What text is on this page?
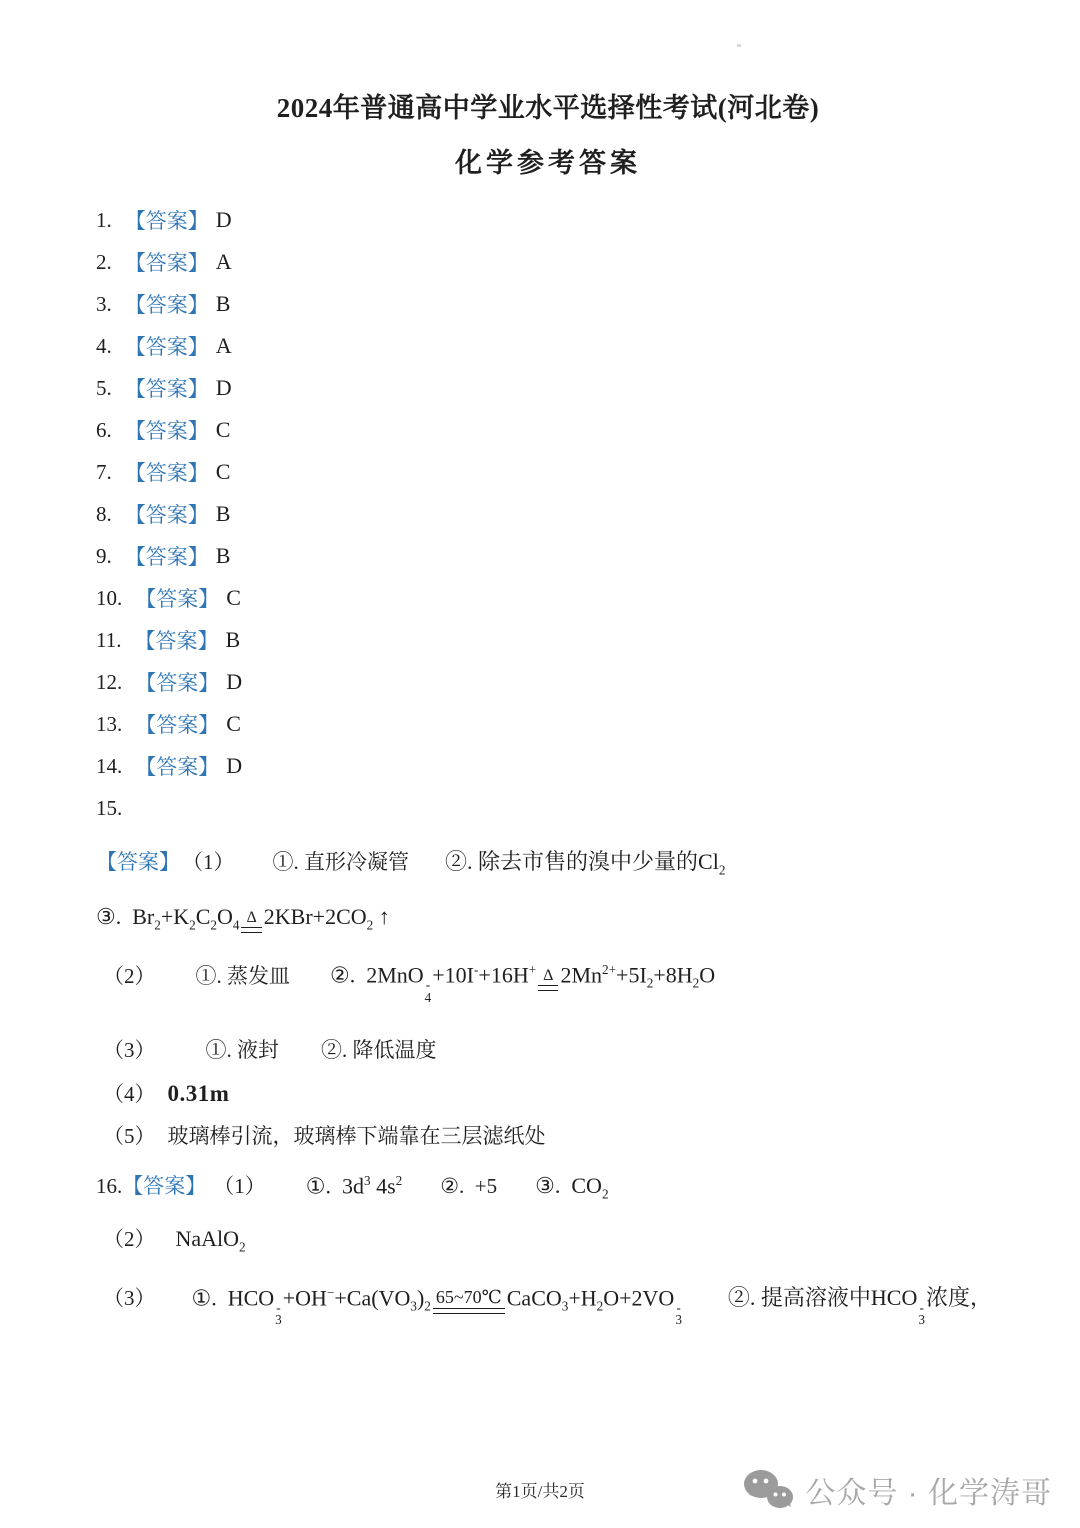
2024年普通高中学业水平选择性考试(河北卷)
化学参考答案
1. 【答案】 D
2. 【答案】 A
3. 【答案】 B
4. 【答案】 A
5. 【答案】 D
6. 【答案】 C
7. 【答案】 C
8. 【答案】 B
9. 【答案】 B
10. 【答案】 C
11. 【答案】 B
12. 【答案】 D
13. 【答案】 C
14. 【答案】 D
15.
【答案】 （1） ①. 直形冷凝管 ②. 除去市售的溴中少量的$Cl_2$
③.  $Br_2+K_2C_2O_4$ Δ $2KBr+2CO_2$ ↑
（2） ①. 蒸发皿 ②.  2MnO -
4
+10I-+16H+ Δ $2Mn^{2+}+5I_2+8H_2O$
（3） ①. 液封 ②. 降低温度
（4） 0.31m
（5） 玻璃棒引流，玻璃棒下端靠在三层滤纸处
16. 【答案】 （1） ①.  $3d^3$ $4s^2$ ②.  +5 ③.  $CO_2$
（2） NaAlO$_2$
（3） ①.  HCO -
3
$+OH^-+Ca(VO_3)_2$ 65~70℃ $CaCO_3+H_2O+2VO$ -
3
②. 提高溶液中HCO -
3
浓度，
第1页/共2页	公众号 · 化学涛哥
